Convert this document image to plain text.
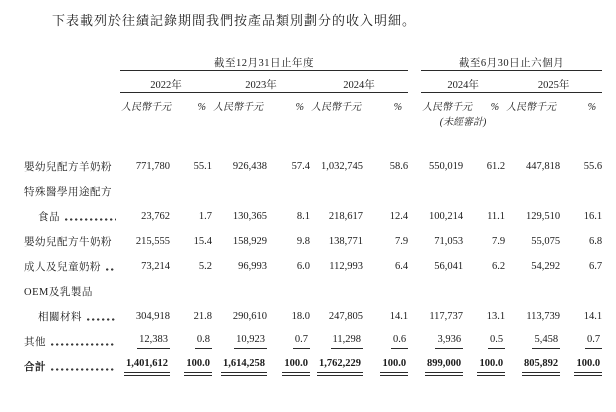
下表載列於往績記錄期間我們按產品類別劃分的收入明細。

	截至12月31日止年度							截至6月30日止六個月			
	2022年		2023年		2024年			2024年		2025年	
	人民幣千元	%	人民幣千元	%	人民幣千元	%		人民幣千元	%	人民幣千元	%
								(未經審計)			

嬰幼兒配方羊奶粉	771,780	55.1	926,438	57.4	1,032,745	58.6		550,019	61.2	447,818	55.6

特殊醫學用途配方											

食品	23,762	1.7	130,365	8.1	218,617	12.4		100,214	11.1	129,510	16.1

嬰幼兒配方牛奶粉	215,555	15.4	158,929	9.8	138,771	7.9		71,053	7.9	55,075	6.8

成人及兒童奶粉	73,214	5.2	96,993	6.0	112,993	6.4		56,041	6.2	54,292	6.7

OEM及乳製品											

相關材料	304,918	21.8	290,610	18.0	247,805	14.1		117,737	13.1	113,739	14.1

其他	12,383	0.8	10,923	0.7	11,298	0.6		3,936	0.5	5,458	0.7

合計	1,401,612	100.0	1,614,258	100.0	1,762,229	100.0		899,000	100.0	805,892	100.0
